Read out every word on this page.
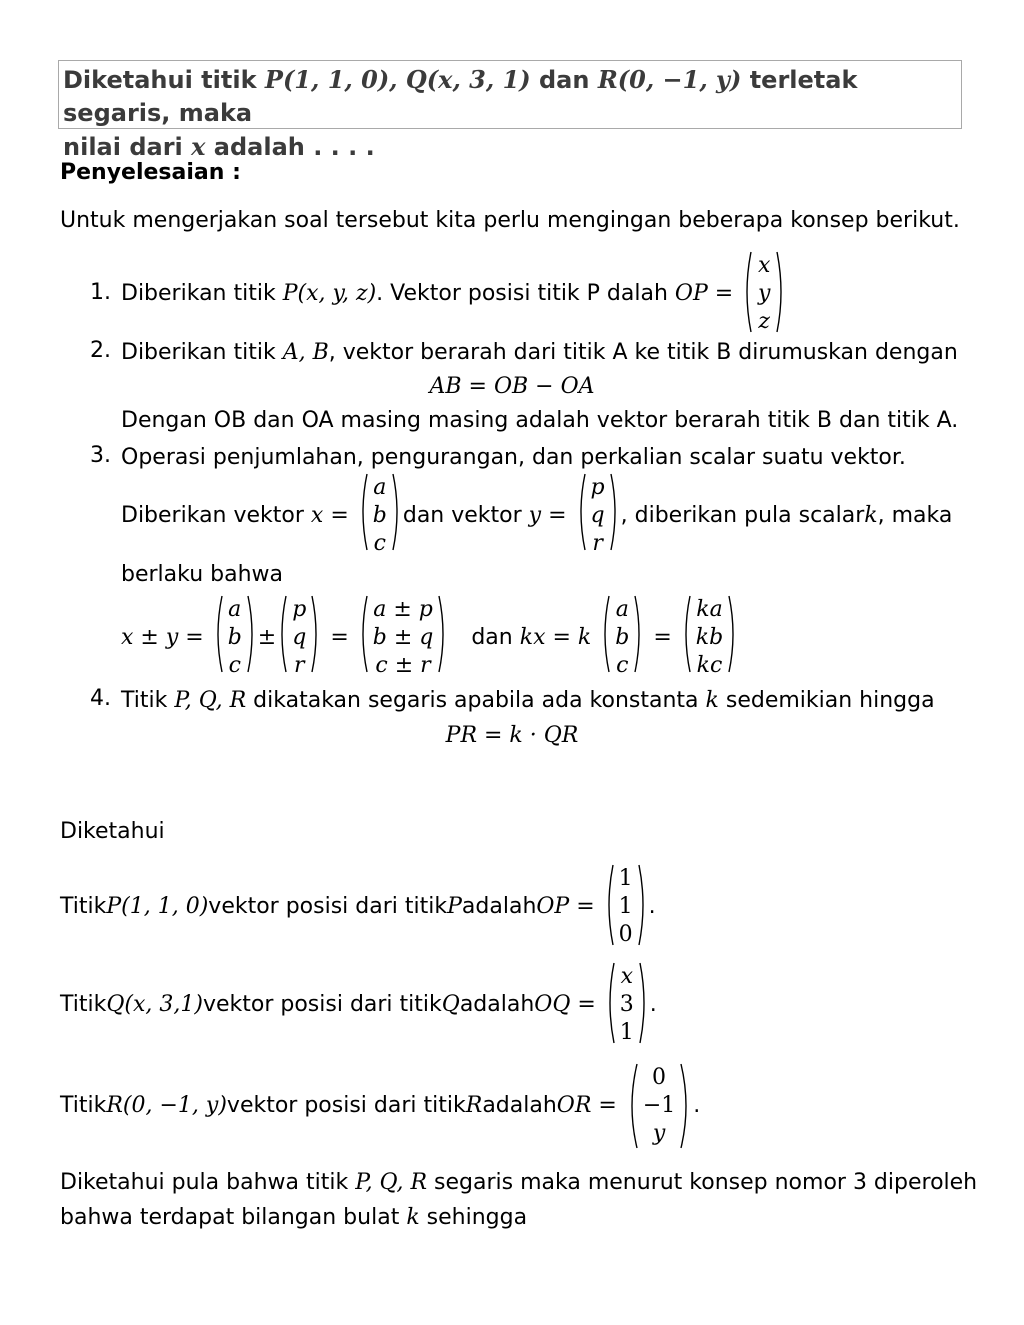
Diketahui titik P(1, 1, 0), Q(x, 3, 1) dan R(0, −1, y) terletak segaris, maka
nilai dari x adalah . . . .
Penyelesaian :
Untuk mengerjakan soal tersebut kita perlu mengingan beberapa konsep berikut.
1. Diberikan titik
P(x, y, z) . Vektor posisi titik P dalah
OP =
x
y
z
2. Diberikan titik A, B, vektor berarah dari titik A ke titik B dirumuskan dengan
AB = OB − OA
Dengan OB dan OA masing masing adalah vektor berarah titik B dan titik A.
3. Operasi penjumlahan, pengurangan, dan perkalian scalar suatu vektor.
Diberikan vektor
x =
a
b
c
dan vektor
y =
p
q
r
, diberikan pula scalar k , maka
berlaku bahwa
x ± y =
a
b
c
±
p
q
r
=
a ± p
b ± q
c ± r
dan
kx = k
a
b
c
=
ka
kb
kc
4. Titik P, Q, R dikatakan segaris apabila ada konstanta k sedemikian hingga
PR = k · QR
Diketahui
Titik P(1, 1, 0) vektor posisi dari titik P adalah OP =
1
1
0
.
Titik Q(x, 3,1) vektor posisi dari titik Q adalah OQ =
x
3
1
.
Titik R(0, −1, y) vektor posisi dari titik R adalah OR =
0
−1
y
.
Diketahui pula bahwa titik P, Q, R segaris maka menurut konsep nomor 3 diperoleh
bahwa terdapat bilangan bulat k sehingga
